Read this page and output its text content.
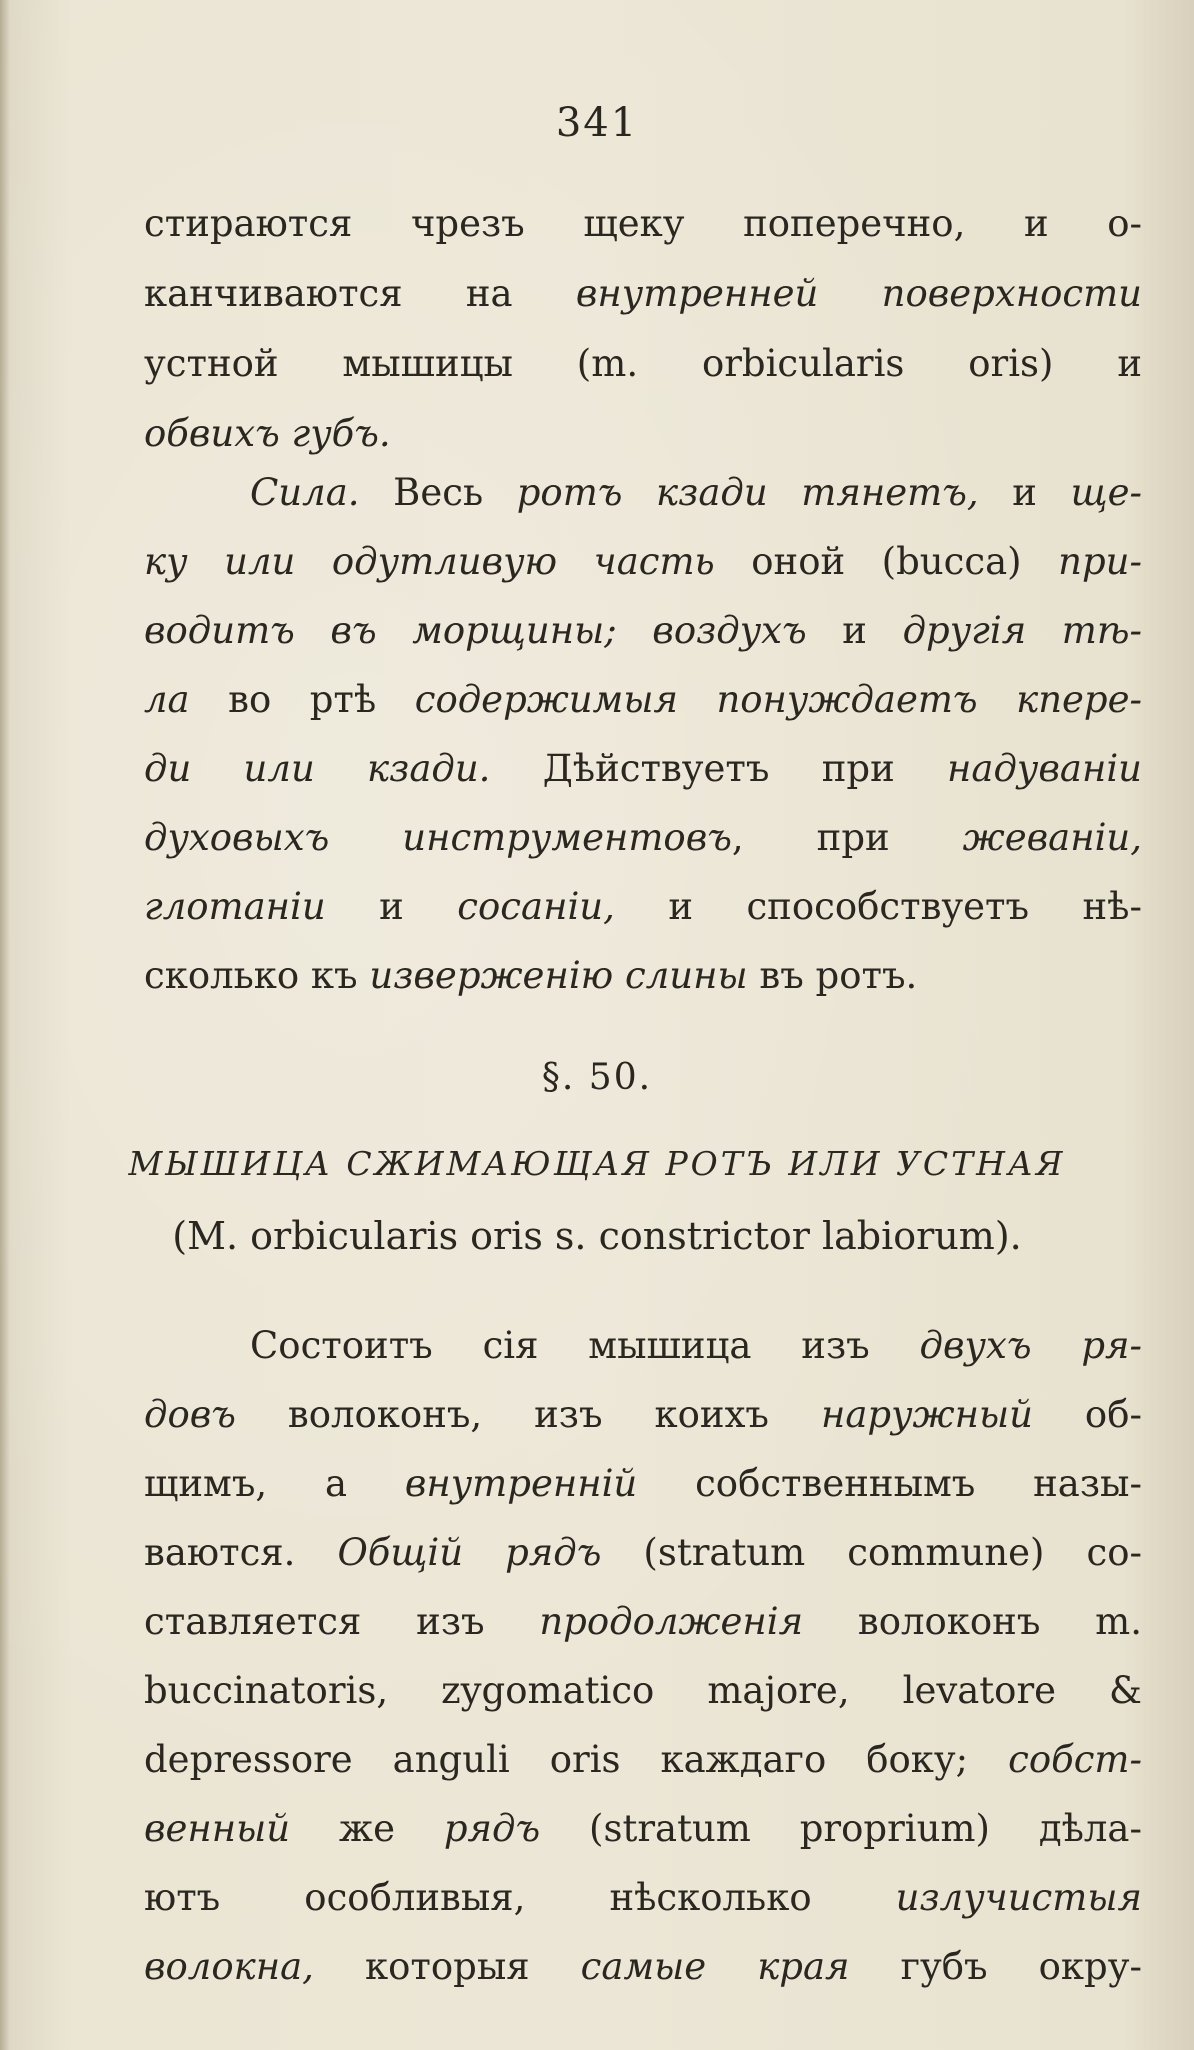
341
стираются чрезъ щеку поперечно, и о-
канчиваются на внутренней поверхности
устной мышицы (m. orbicularis oris) и
обвихъ губъ.
Сила. Весь ротъ кзади тянетъ, и ще-
ку или одутливую часть оной (bucca) при-
водитъ въ морщины; воздухъ и другія тѣ-
ла во ртѣ содержимыя понуждаетъ кпере-
ди или кзади. Дѣйствуетъ при надуваніи
духовыхъ инструментовъ, при жеваніи,
глотаніи и сосаніи, и способствуетъ нѣ-
сколько къ изверженію слины въ ротъ.
Состоитъ сія мышица изъ двухъ ря-
довъ волоконъ, изъ коихъ наружный об-
щимъ, а внутренній собственнымъ назы-
ваются. Общій рядъ (stratum commune) со-
ставляется изъ продолженія волоконъ m.
buccinatoris, zygomatico majore, levatore &
depressore anguli oris каждаго боку; собст-
венный же рядъ (stratum proprium) дѣла-
ютъ особливыя, нѣсколько излучистыя
волокна, которыя самые края губъ окру-
§. 50.
МЫШИЦА СЖИМАЮЩАЯ РОТЪ ИЛИ УСТНАЯ
(M. orbicularis oris s. constrictor labiorum).
